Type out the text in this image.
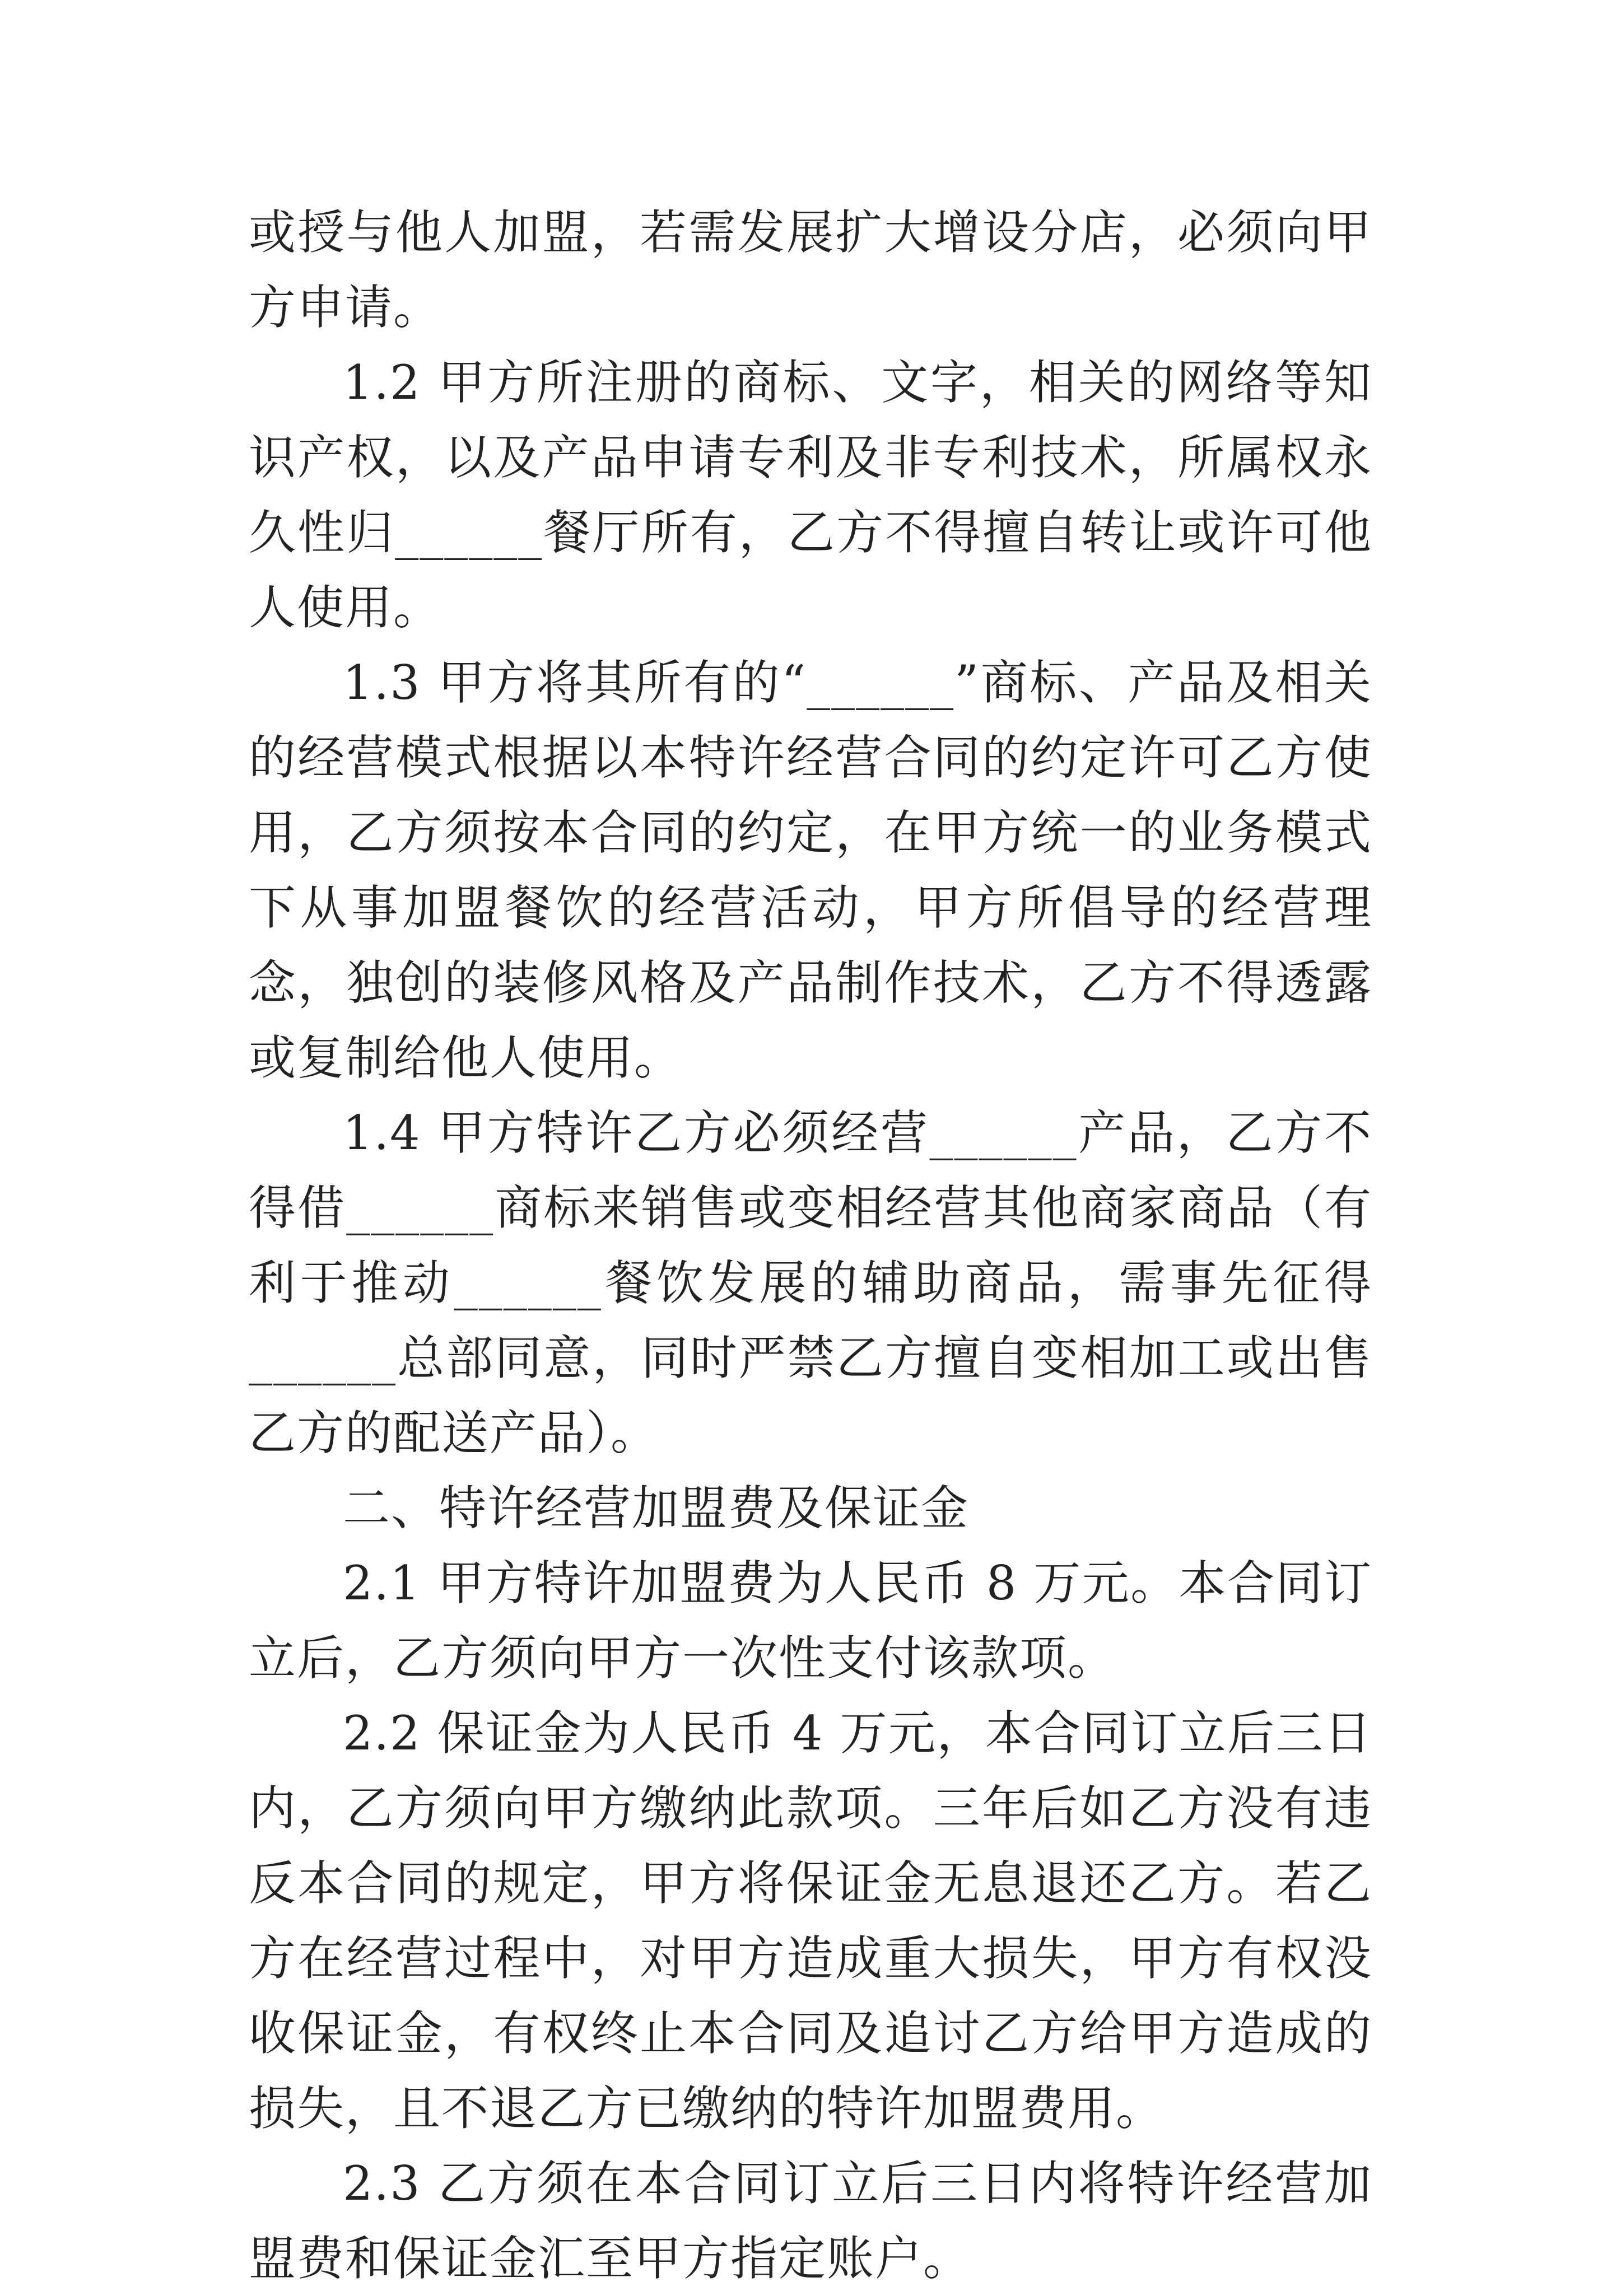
或授与他人加盟，若需发展扩大增设分店，必须向甲方申请。

1.2 甲方所注册的商标、文字，相关的网络等知识产权，以及产品申请专利及非专利技术，所属权永久性归______餐厅所有，乙方不得擅自转让或许可他人使用。

1.3 甲方将其所有的“______”商标、产品及相关的经营模式根据以本特许经营合同的约定许可乙方使用，乙方须按本合同的约定，在甲方统一的业务模式下从事加盟餐饮的经营活动，甲方所倡导的经营理念，独创的装修风格及产品制作技术，乙方不得透露或复制给他人使用。

1.4 甲方特许乙方必须经营______产品，乙方不得借______商标来销售或变相经营其他商家商品（有利于推动______餐饮发展的辅助商品，需事先征得______总部同意，同时严禁乙方擅自变相加工或出售乙方的配送产品）。

二、特许经营加盟费及保证金

2.1 甲方特许加盟费为人民币 8 万元。本合同订立后，乙方须向甲方一次性支付该款项。

2.2 保证金为人民币 4 万元，本合同订立后三日内，乙方须向甲方缴纳此款项。三年后如乙方没有违反本合同的规定，甲方将保证金无息退还乙方。若乙方在经营过程中，对甲方造成重大损失，甲方有权没收保证金，有权终止本合同及追讨乙方给甲方造成的损失，且不退乙方已缴纳的特许加盟费用。

2.3 乙方须在本合同订立后三日内将特许经营加盟费和保证金汇至甲方指定账户。
